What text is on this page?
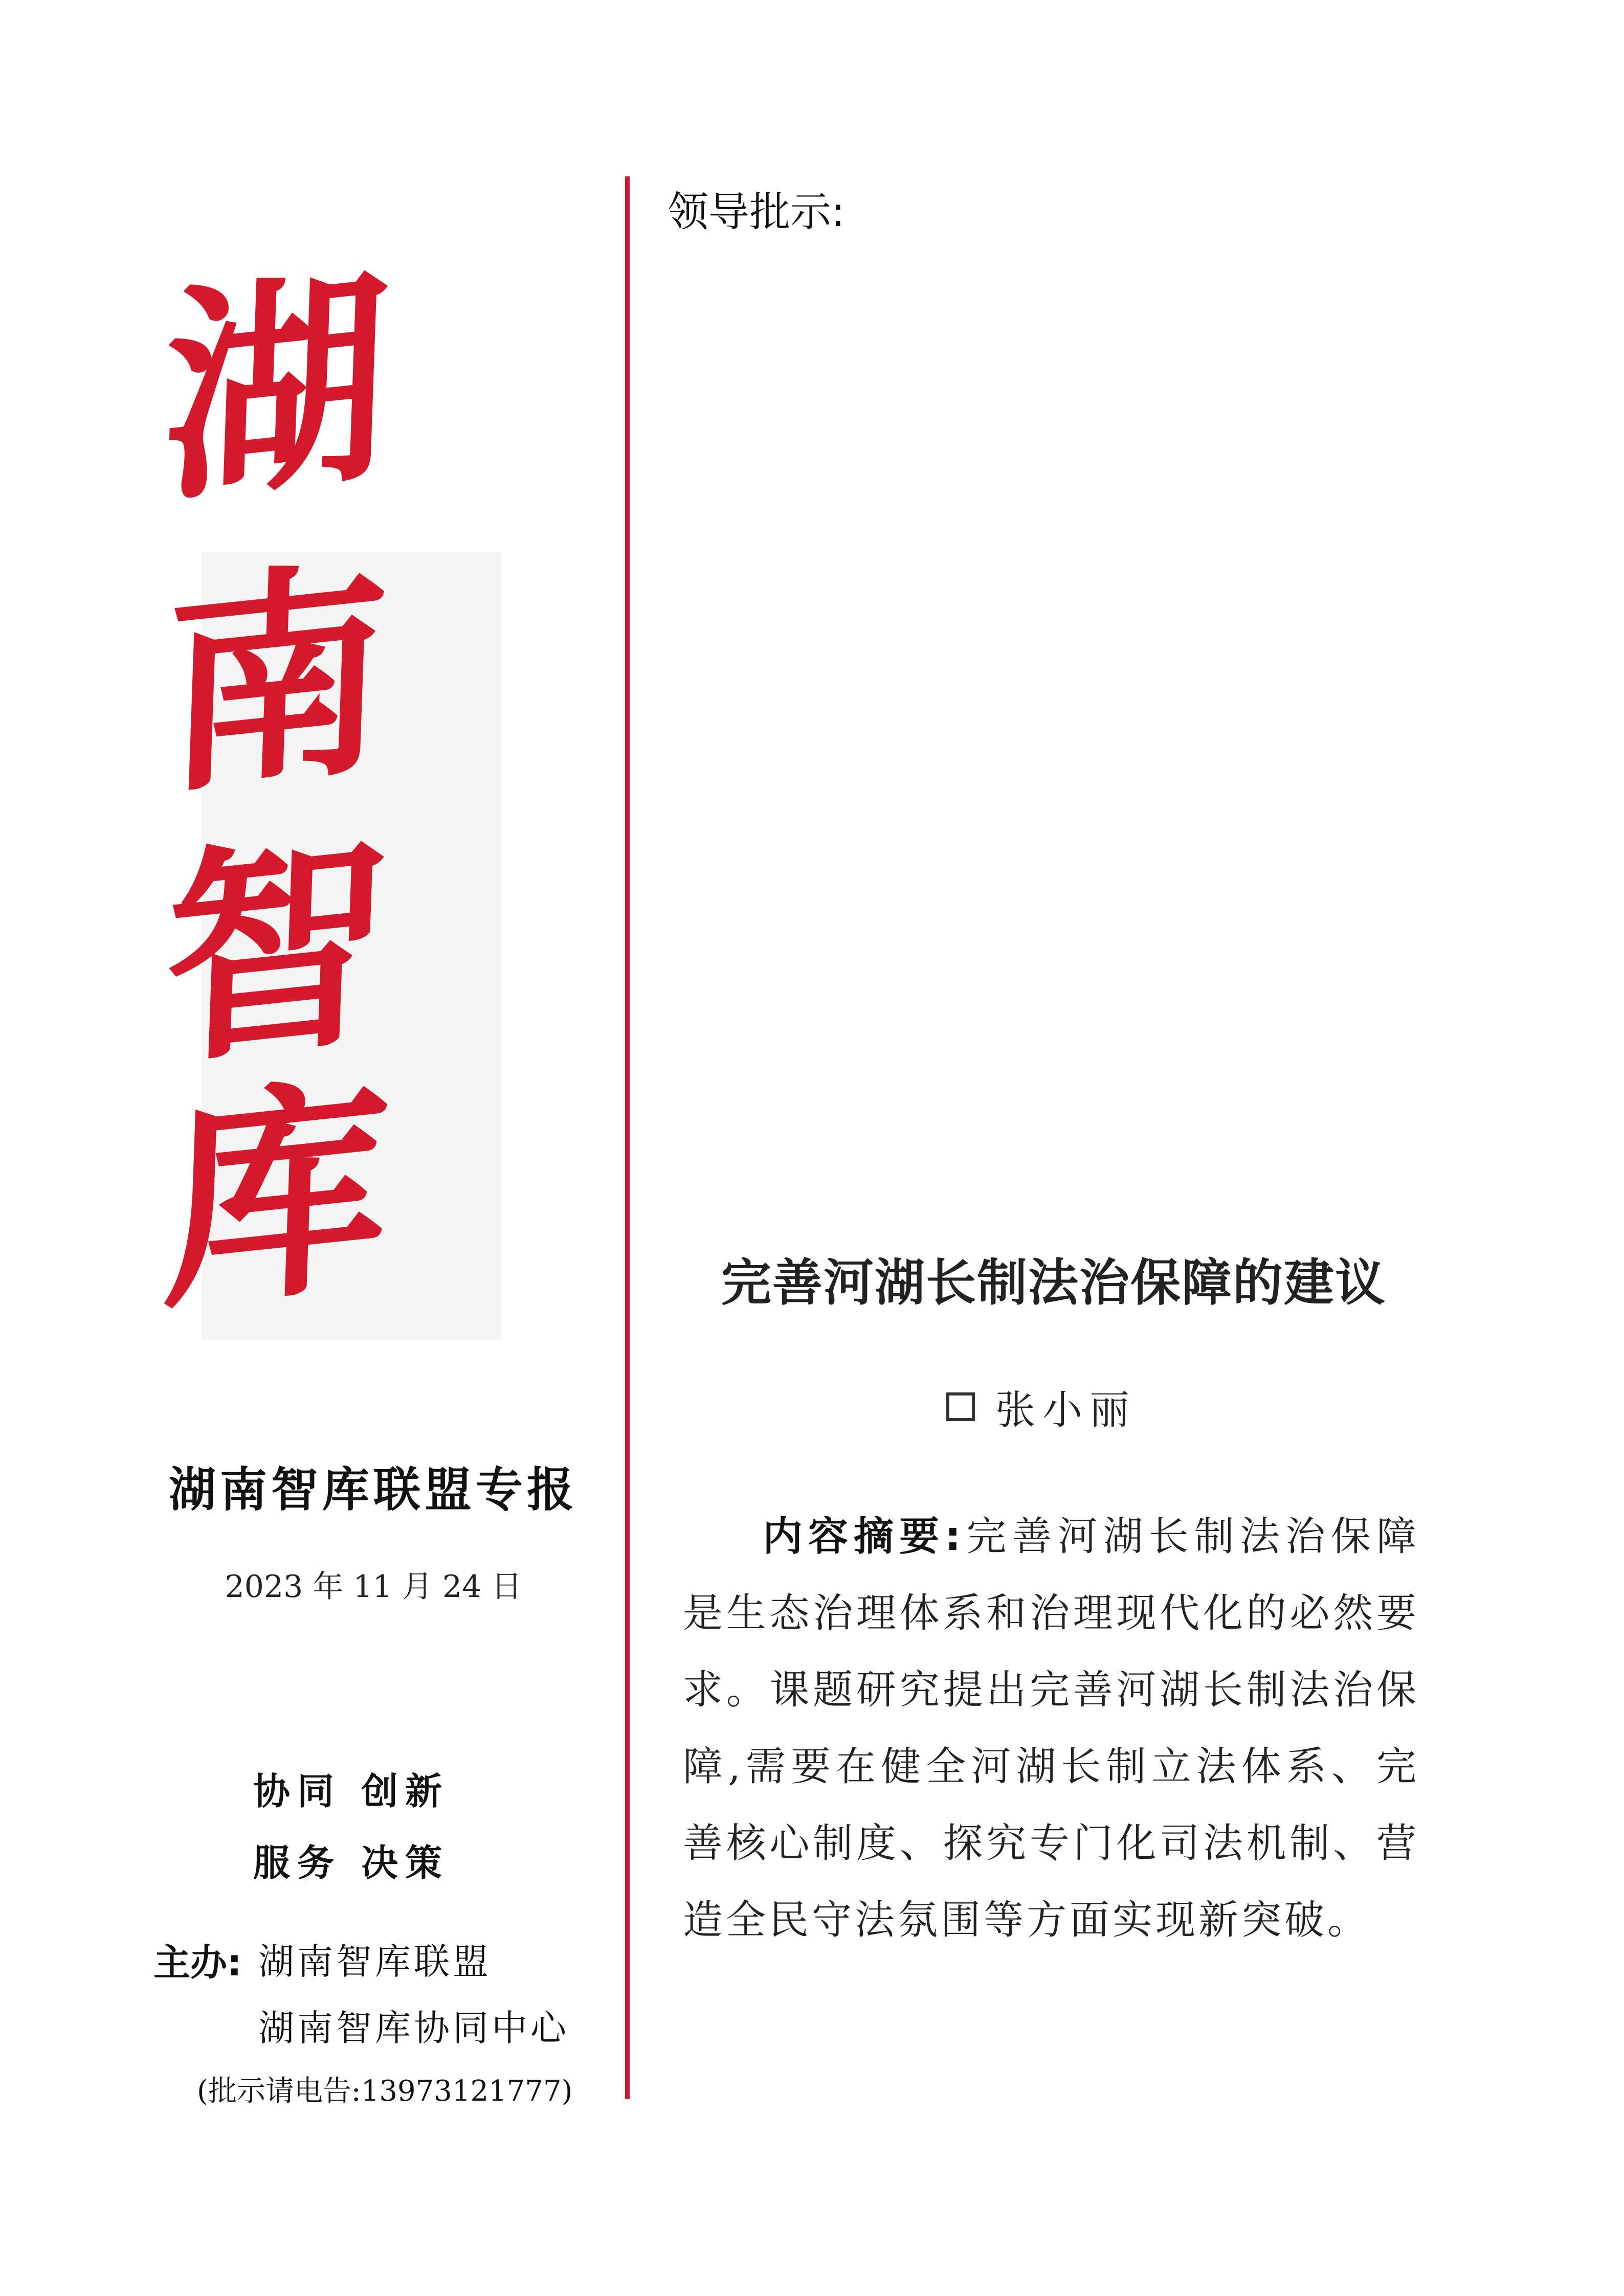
湖
南
智
库
湖南智库联盟专报
2023 年 11 月 24 日
协同 创新
服务 决策
主办: 湖南智库联盟
湖南智库协同中心
(批示请电告:13973121777)
领导批示:
完善河湖长制法治保障的建议
张小丽
内容摘要:完善河湖长制法治保障是生态治理体系和治理现代化的必然要求。课题研究提出完善河湖长制法治保障,需要在健全河湖长制立法体系、完善核心制度、探究专门化司法机制、营造全民守法氛围等方面实现新突破。
